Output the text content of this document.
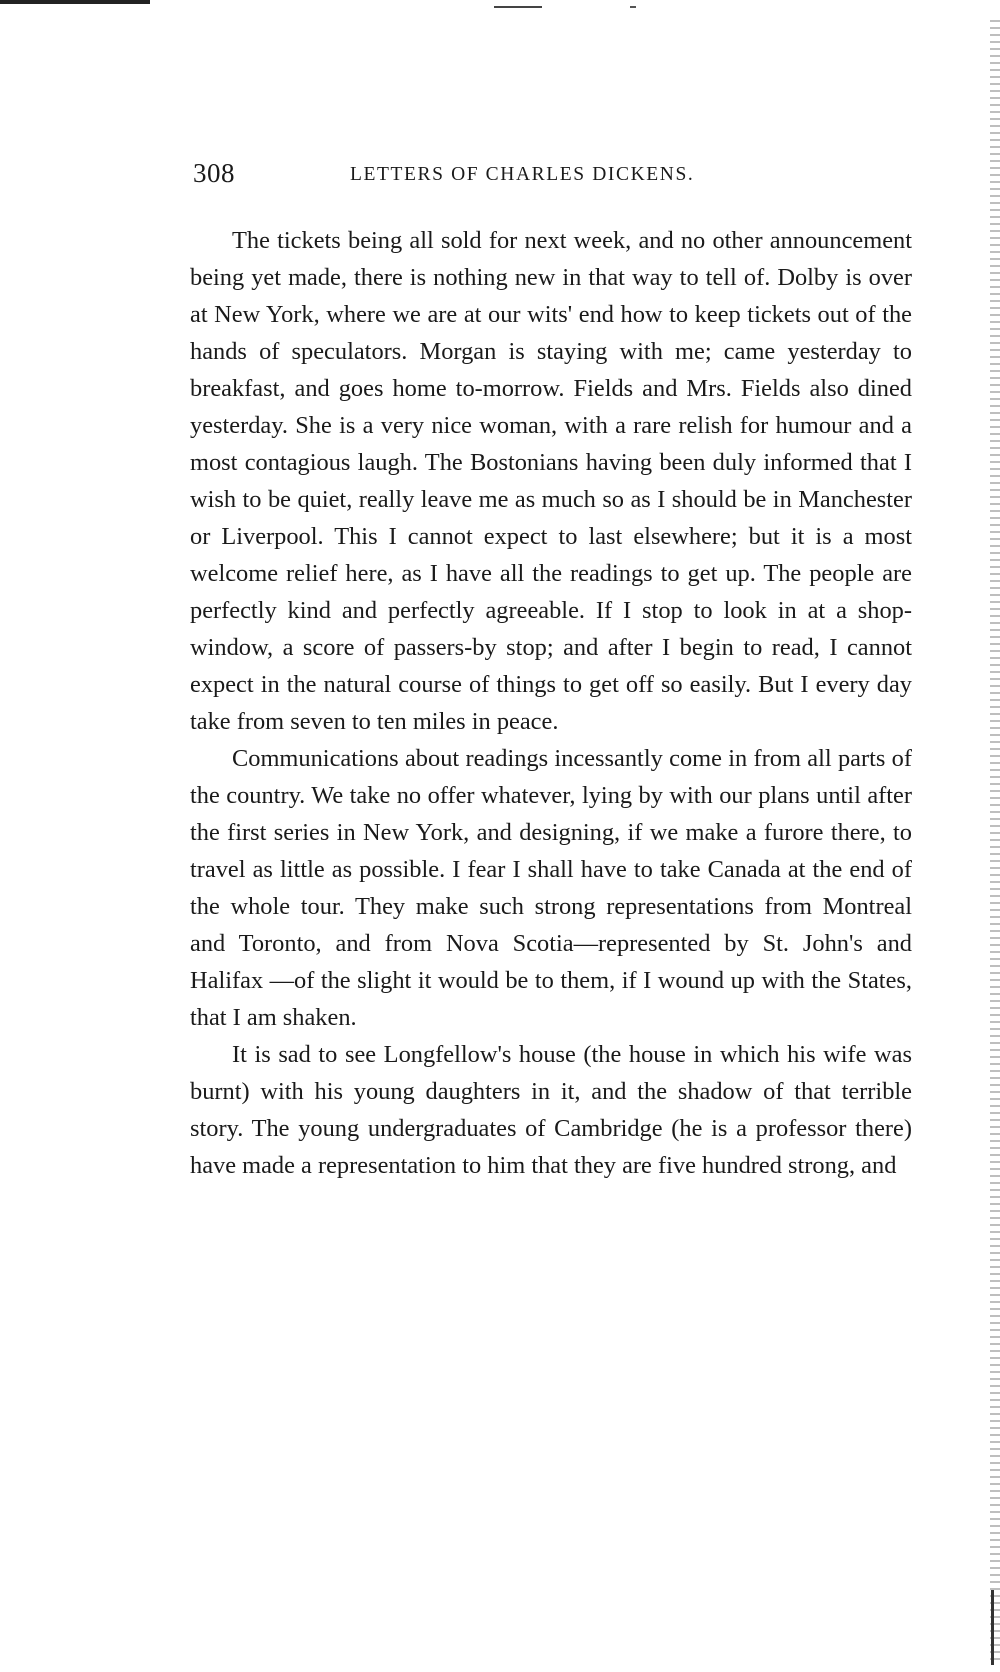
308	LETTERS OF CHARLES DICKENS.

The tickets being all sold for next week, and no other announcement being yet made, there is nothing new in that way to tell of. Dolby is over at New York, where we are at our wits' end how to keep tickets out of the hands of speculators. Morgan is staying with me; came yesterday to breakfast, and goes home to-morrow. Fields and Mrs. Fields also dined yesterday. She is a very nice woman, with a rare relish for humour and a most contagious laugh. The Bostonians having been duly informed that I wish to be quiet, really leave me as much so as I should be in Manchester or Liverpool. This I cannot expect to last elsewhere; but it is a most welcome relief here, as I have all the readings to get up. The people are perfectly kind and perfectly agreeable. If I stop to look in at a shop-window, a score of passers-by stop; and after I begin to read, I cannot expect in the natural course of things to get off so easily. But I every day take from seven to ten miles in peace.

Communications about readings incessantly come in from all parts of the country. We take no offer whatever, lying by with our plans until after the first series in New York, and designing, if we make a furore there, to travel as little as possible. I fear I shall have to take Canada at the end of the whole tour. They make such strong representations from Montreal and Toronto, and from Nova Scotia—represented by St. John's and Halifax —of the slight it would be to them, if I wound up with the States, that I am shaken.

It is sad to see Longfellow's house (the house in which his wife was burnt) with his young daughters in it, and the shadow of that terrible story. The young undergraduates of Cambridge (he is a professor there) have made a representation to him that they are five hundred strong, and
